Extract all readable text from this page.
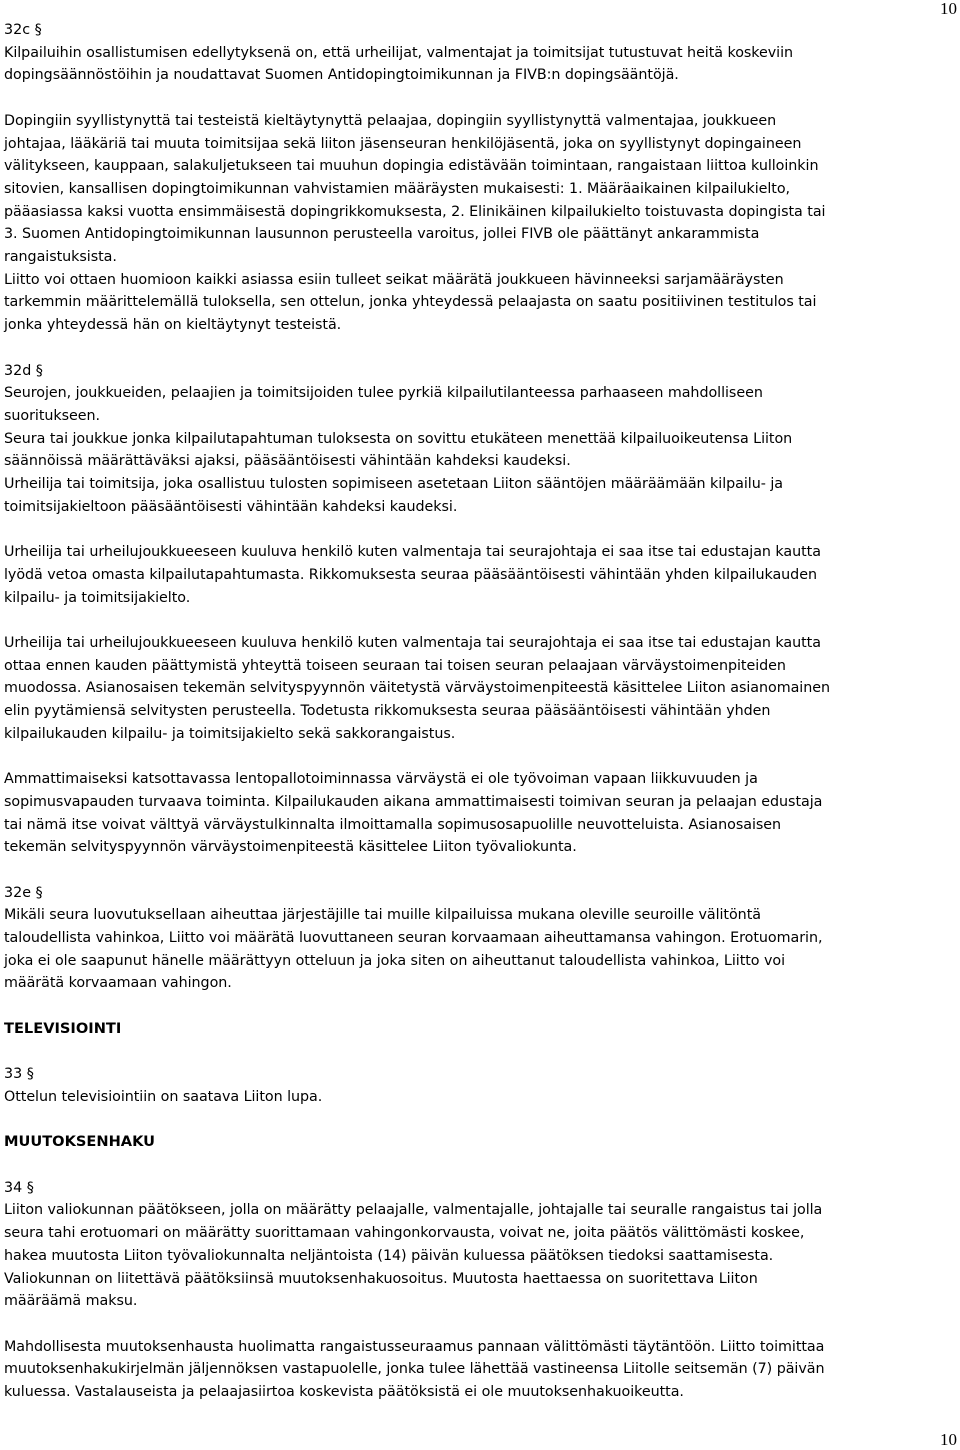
10
32c §
Kilpailuihin osallistumisen edellytyksenä on, että urheilijat, valmentajat ja toimitsijat tutustuvat heitä koskeviin
dopingsäännöstöihin ja noudattavat Suomen Antidopingtoimikunnan ja FIVB:n dopingsääntöjä.
Dopingiin syyllistynyttä tai testeistä kieltäytynyttä pelaajaa, dopingiin syyllistynyttä valmentajaa, joukkueen
johtajaa, lääkäriä tai muuta toimitsijaa sekä liiton jäsenseuran henkilöjäsentä, joka on syyllistynyt dopingaineen
välitykseen, kauppaan, salakuljetukseen tai muuhun dopingia edistävään toimintaan, rangaistaan liittoa kulloinkin
sitovien, kansallisen dopingtoimikunnan vahvistamien määräysten mukaisesti: 1. Määräaikainen kilpailukielto,
pääasiassa kaksi vuotta ensimmäisestä dopingrikkomuksesta, 2. Elinikäinen kilpailukielto toistuvasta dopingista tai
3. Suomen Antidopingtoimikunnan lausunnon perusteella varoitus, jollei FIVB ole päättänyt ankarammista
rangaistuksista.
Liitto voi ottaen huomioon kaikki asiassa esiin tulleet seikat määrätä joukkueen hävinneeksi sarjamääräysten
tarkemmin määrittelemällä tuloksella, sen ottelun, jonka yhteydessä pelaajasta on saatu positiivinen testitulos tai
jonka yhteydessä hän on kieltäytynyt testeistä.
32d §
Seurojen, joukkueiden, pelaajien ja toimitsijoiden tulee pyrkiä kilpailutilanteessa parhaaseen mahdolliseen
suoritukseen.
Seura tai joukkue jonka kilpailutapahtuman tuloksesta on sovittu etukäteen menettää kilpailuoikeutensa Liiton
säännöissä määrättäväksi ajaksi, pääsääntöisesti vähintään kahdeksi kaudeksi.
Urheilija tai toimitsija, joka osallistuu tulosten sopimiseen asetetaan Liiton sääntöjen määräämään kilpailu- ja
toimitsijakieltoon pääsääntöisesti vähintään kahdeksi kaudeksi.
Urheilija tai urheilujoukkueeseen kuuluva henkilö kuten valmentaja tai seurajohtaja ei saa itse tai edustajan kautta
lyödä vetoa omasta kilpailutapahtumasta. Rikkomuksesta seuraa pääsääntöisesti vähintään yhden kilpailukauden
kilpailu- ja toimitsijakielto.
Urheilija tai urheilujoukkueeseen kuuluva henkilö kuten valmentaja tai seurajohtaja ei saa itse tai edustajan kautta
ottaa ennen kauden päättymistä yhteyttä toiseen seuraan tai toisen seuran pelaajaan värväystoimenpiteiden
muodossa. Asianosaisen tekemän selvityspyynnön väitetystä värväystoimenpiteestä käsittelee Liiton asianomainen
elin pyytämiensä selvitysten perusteella. Todetusta rikkomuksesta seuraa pääsääntöisesti vähintään yhden
kilpailukauden kilpailu- ja toimitsijakielto sekä sakkorangaistus.
Ammattimaiseksi katsottavassa lentopallotoiminnassa värväystä ei ole työvoiman vapaan liikkuvuuden ja
sopimusvapauden turvaava toiminta. Kilpailukauden aikana ammattimaisesti toimivan seuran ja pelaajan edustaja
tai nämä itse voivat välttyä värväystulkinnalta ilmoittamalla sopimusosapuolille neuvotteluista. Asianosaisen
tekemän selvityspyynnön värväystoimenpiteestä käsittelee Liiton työvaliokunta.
32e §
Mikäli seura luovutuksellaan aiheuttaa järjestäjille tai muille kilpailuissa mukana oleville seuroille välitöntä
taloudellista vahinkoa, Liitto voi määrätä luovuttaneen seuran korvaamaan aiheuttamansa vahingon. Erotuomarin,
joka ei ole saapunut hänelle määrättyyn otteluun ja joka siten on aiheuttanut taloudellista vahinkoa, Liitto voi
määrätä korvaamaan vahingon.
TELEVISIOINTI
33 §
Ottelun televisiointiin on saatava Liiton lupa.
MUUTOKSENHAKU
34 §
Liiton valiokunnan päätökseen, jolla on määrätty pelaajalle, valmentajalle, johtajalle tai seuralle rangaistus tai jolla
seura tahi erotuomari on määrätty suorittamaan vahingonkorvausta, voivat ne, joita päätös välittömästi koskee,
hakea muutosta Liiton työvaliokunnalta neljäntoista (14) päivän kuluessa päätöksen tiedoksi saattamisesta.
Valiokunnan on liitettävä päätöksiinsä muutoksenhakuosoitus. Muutosta haettaessa on suoritettava Liiton
määräämä maksu.
Mahdollisesta muutoksenhausta huolimatta rangaistusseuraamus pannaan välittömästi täytäntöön. Liitto toimittaa
muutoksenhakukirjelmän jäljennöksen vastapuolelle, jonka tulee lähettää vastineensa Liitolle seitsemän (7) päivän
kuluessa. Vastalauseista ja pelaajasiirtoa koskevista päätöksistä ei ole muutoksenhakuoikeutta.
10
